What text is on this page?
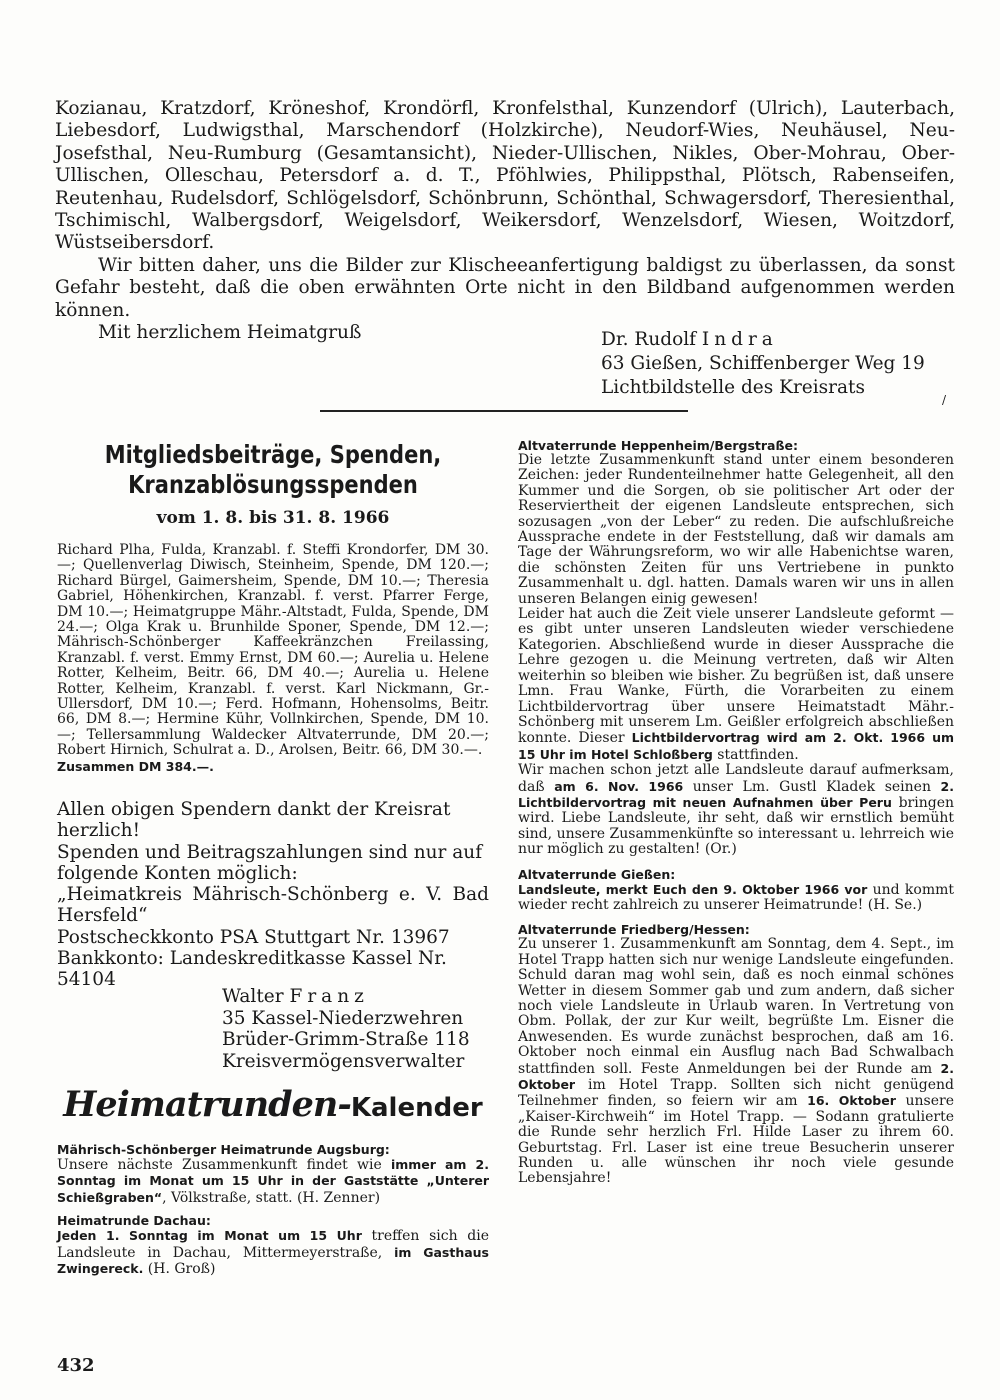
Kozianau, Kratzdorf, Kröneshof, Krondörfl, Kronfelsthal, Kunzendorf (Ulrich), Lauterbach, Liebesdorf, Ludwigsthal, Marschendorf (Holzkirche), Neudorf-Wies, Neuhäusel, Neu-Josefsthal, Neu-Rumburg (Gesamtansicht), Nieder-Ullischen, Nikles, Ober-Mohrau, Ober-Ullischen, Olleschau, Petersdorf a. d. T., Pföhlwies, Philippsthal, Plötsch, Rabenseifen, Reutenhau, Rudelsdorf, Schlögelsdorf, Schönbrunn, Schönthal, Schwagersdorf, Theresienthal, Tschimischl, Walbergsdorf, Weigelsdorf, Weikersdorf, Wenzelsdorf, Wiesen, Woitzdorf, Wüstseibersdorf.

Wir bitten daher, uns die Bilder zur Klischeeanfertigung baldigst zu überlassen, da sonst Gefahr besteht, daß die oben erwähnten Orte nicht in den Bildband aufgenommen werden können.

Mit herzlichem Heimatgruß	Dr. Rudolf Indra
63 Gießen, Schiffenberger Weg 19
Lichtbildstelle des Kreisrats
/
Mitgliedsbeiträge, Spenden,
Kranzablösungsspenden
vom 1. 8. bis 31. 8. 1966

Richard Plha, Fulda, Kranzabl. f. Steffi Krondorfer, DM 30.—; Quellenverlag Diwisch, Steinheim, Spende, DM 120.—; Richard Bürgel, Gaimersheim, Spende, DM 10.—; Theresia Gabriel, Höhenkirchen, Kranzabl. f. verst. Pfarrer Ferge, DM 10.—; Heimatgruppe Mähr.-Altstadt, Fulda, Spende, DM 24.—; Olga Krak u. Brunhilde Sponer, Spende, DM 12.—; Mährisch-Schönberger Kaffeekränzchen Freilassing, Kranzabl. f. verst. Emmy Ernst, DM 60.—; Aurelia u. Helene Rotter, Kelheim, Beitr. 66, DM 40.—; Aurelia u. Helene Rotter, Kelheim, Kranzabl. f. verst. Karl Nickmann, Gr.-Ullersdorf, DM 10.—; Ferd. Hofmann, Hohensolms, Beitr. 66, DM 8.—; Hermine Kühr, Vollnkirchen, Spende, DM 10.—; Tellersammlung Waldecker Altvaterrunde, DM 20.—; Robert Hirnich, Schulrat a. D., Arolsen, Beitr. 66, DM 30.—.

Zusammen DM 384.—.

Allen obigen Spendern dankt der Kreisrat herzlich!

Spenden und Beitragszahlungen sind nur auf folgende Konten möglich:

„Heimatkreis Mährisch-Schönberg e. V. Bad Hersfeld“

Postscheckkonto PSA Stuttgart Nr. 13967

Bankkonto: Landeskreditkasse Kassel Nr. 54104

Walter Franz
35 Kassel-Niederzwehren
Brüder-Grimm-Straße 118
Kreisvermögensverwalter
Heimatrunden-Kalender

Mährisch-Schönberger Heimatrunde Augsburg:

Unsere nächste Zusammenkunft findet wie immer am 2. Sonntag im Monat um 15 Uhr in der Gaststätte „Unterer Schießgraben“, Völkstraße, statt. (H. Zenner)

Heimatrunde Dachau:

Jeden 1. Sonntag im Monat um 15 Uhr treffen sich die Landsleute in Dachau, Mittermeyerstraße, im Gasthaus Zwingereck. (H. Groß)

Altvaterrunde Heppenheim/Bergstraße:

Die letzte Zusammenkunft stand unter einem besonderen Zeichen: jeder Rundenteilnehmer hatte Gelegenheit, all den Kummer und die Sorgen, ob sie politischer Art oder der Reserviertheit der eigenen Landsleute entsprechen, sich sozusagen „von der Leber“ zu reden. Die aufschlußreiche Aussprache endete in der Feststellung, daß wir damals am Tage der Währungsreform, wo wir alle Habenichtse waren, die schönsten Zeiten für uns Vertriebene in punkto Zusammenhalt u. dgl. hatten. Damals waren wir uns in allen unseren Belangen einig gewesen!

Leider hat auch die Zeit viele unserer Landsleute geformt — es gibt unter unseren Landsleuten wieder verschiedene Kategorien. Abschließend wurde in dieser Aussprache die Lehre gezogen u. die Meinung vertreten, daß wir Alten weiterhin so bleiben wie bisher. Zu begrüßen ist, daß unsere Lmn. Frau Wanke, Fürth, die Vorarbeiten zu einem Lichtbildervortrag über unsere Heimatstadt Mähr.-Schönberg mit unserem Lm. Geißler erfolgreich abschließen konnte. Dieser Lichtbildervortrag wird am 2. Okt. 1966 um 15 Uhr im Hotel Schloßberg stattfinden.

Wir machen schon jetzt alle Landsleute darauf aufmerksam, daß am 6. Nov. 1966 unser Lm. Gustl Kladek seinen 2. Lichtbildervortrag mit neuen Aufnahmen über Peru bringen wird. Liebe Landsleute, ihr seht, daß wir ernstlich bemüht sind, unsere Zusammenkünfte so interessant u. lehrreich wie nur möglich zu gestalten! (Or.)

Altvaterrunde Gießen:

Landsleute, merkt Euch den 9. Oktober 1966 vor und kommt wieder recht zahlreich zu unserer Heimatrunde! (H. Se.)

Altvaterrunde Friedberg/Hessen:

Zu unserer 1. Zusammenkunft am Sonntag, dem 4. Sept., im Hotel Trapp hatten sich nur wenige Landsleute eingefunden. Schuld daran mag wohl sein, daß es noch einmal schönes Wetter in diesem Sommer gab und zum andern, daß sicher noch viele Landsleute in Urlaub waren. In Vertretung von Obm. Pollak, der zur Kur weilt, begrüßte Lm. Eisner die Anwesenden. Es wurde zunächst besprochen, daß am 16. Oktober noch einmal ein Ausflug nach Bad Schwalbach stattfinden soll. Feste Anmeldungen bei der Runde am 2. Oktober im Hotel Trapp. Sollten sich nicht genügend Teilnehmer finden, so feiern wir am 16. Oktober unsere „Kaiser-Kirchweih“ im Hotel Trapp. — Sodann gratulierte die Runde sehr herzlich Frl. Hilde Laser zu ihrem 60. Geburtstag. Frl. Laser ist eine treue Besucherin unserer Runden u. alle wünschen ihr noch viele gesunde Lebensjahre!

432
